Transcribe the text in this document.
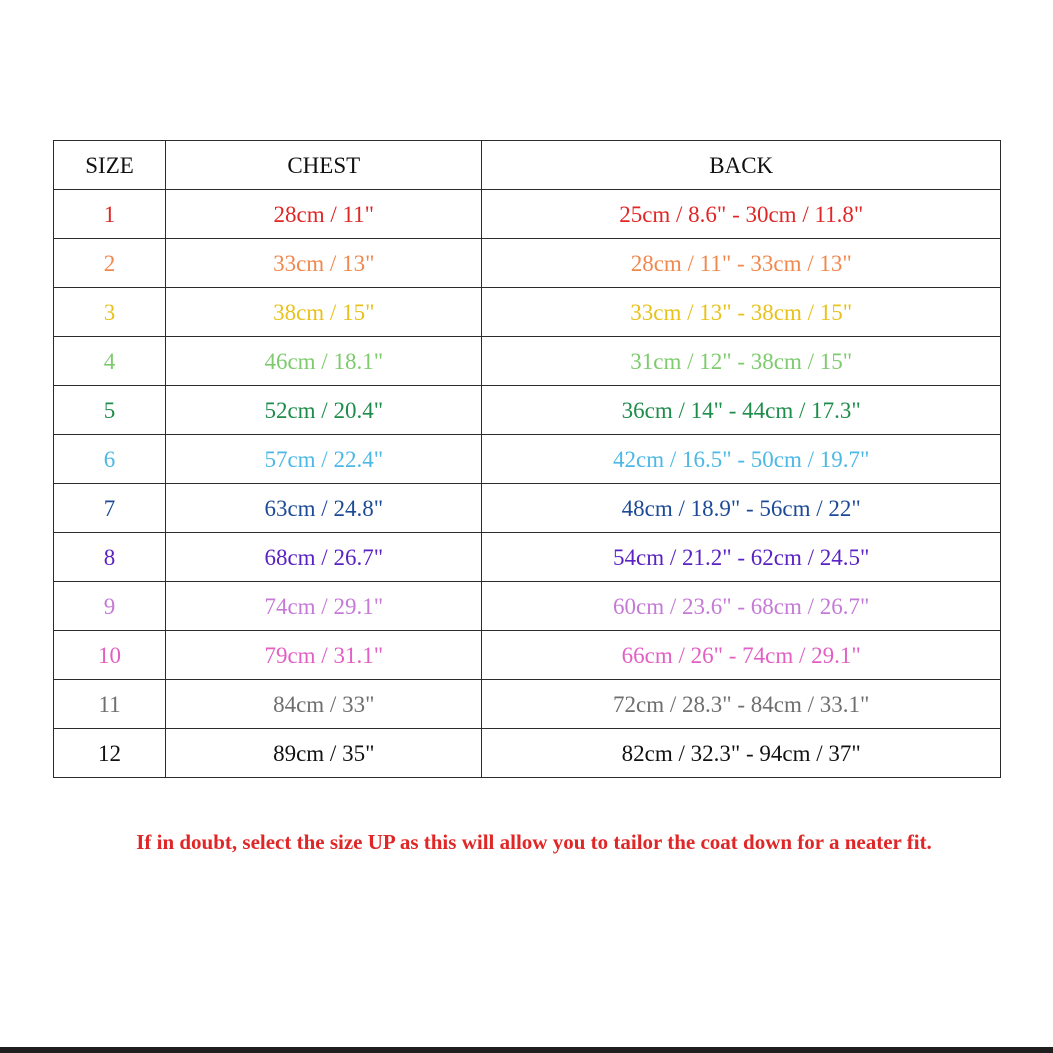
SIZE	CHEST	BACK
1	28cm / 11"	25cm / 8.6" - 30cm / 11.8"
2	33cm / 13"	28cm / 11" - 33cm / 13"
3	38cm / 15"	33cm / 13" - 38cm / 15"
4	46cm / 18.1"	31cm / 12" - 38cm / 15"
5	52cm / 20.4"	36cm / 14" - 44cm / 17.3"
6	57cm / 22.4"	42cm / 16.5" - 50cm / 19.7"
7	63cm / 24.8"	48cm / 18.9" - 56cm / 22"
8	68cm / 26.7"	54cm / 21.2" - 62cm / 24.5"
9	74cm / 29.1"	60cm / 23.6" - 68cm / 26.7"
10	79cm / 31.1"	66cm / 26" - 74cm / 29.1"
11	84cm / 33"	72cm / 28.3" - 84cm / 33.1"
12	89cm / 35"	82cm / 32.3" - 94cm / 37"
If in doubt, select the size UP as this will allow you to tailor the coat down for a neater fit.
